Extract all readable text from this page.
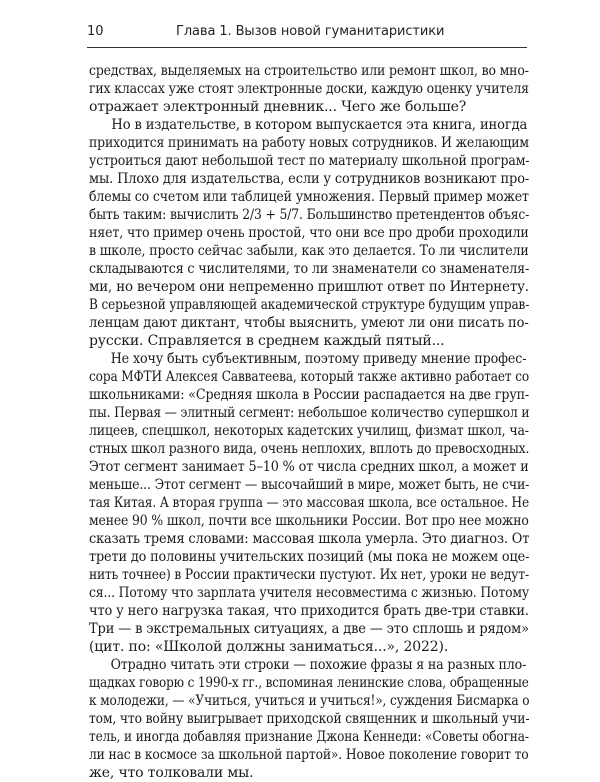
10	Глава 1. Вызов новой гуманитаристики
средствах, выделяемых на строительство или ремонт школ, во мно-
гих классах уже стоят электронные доски, каждую оценку учителя
отражает электронный дневник... Чего же больше?
Но в издательстве, в котором выпускается эта книга, иногда
приходится принимать на работу новых сотрудников. И желающим
устроиться дают небольшой тест по материалу школьной програм-
мы. Плохо для издательства, если у сотрудников возникают про-
блемы со счетом или таблицей умножения. Первый пример может
быть таким: вычислить 2/3 + 5/7. Большинство претендентов объяс-
няет, что пример очень простой, что они все про дроби проходили
в школе, просто сейчас забыли, как это делается. То ли числители
складываются с числителями, то ли знаменатели со знаменателя-
ми, но вечером они непременно пришлют ответ по Интернету.
В серьезной управляющей академической структуре будущим управ-
ленцам дают диктант, чтобы выяснить, умеют ли они писать по-
русски. Справляется в среднем каждый пятый...
Не хочу быть субъективным, поэтому приведу мнение профес-
сора МФТИ Алексея Савватеева, который также активно работает со
школьниками: «Средняя школа в России распадается на две груп-
пы. Первая — элитный сегмент: небольшое количество супершкол и
лицеев, спецшкол, некоторых кадетских училищ, физмат школ, ча-
стных школ разного вида, очень неплохих, вплоть до превосходных.
Этот сегмент занимает 5–10 % от числа средних школ, а может и
меньше... Этот сегмент — высочайший в мире, может быть, не счи-
тая Китая. А вторая группа — это массовая школа, все остальное. Не
менее 90 % школ, почти все школьники России. Вот про нее можно
сказать тремя словами: массовая школа умерла. Это диагноз. От
трети до половины учительских позиций (мы пока не можем оце-
нить точнее) в России практически пустуют. Их нет, уроки не ведут-
ся... Потому что зарплата учителя несовместима с жизнью. Потому
что у него нагрузка такая, что приходится брать две-три ставки.
Три — в экстремальных ситуациях, а две — это сплошь и рядом»
(цит. по: «Школой должны заниматься...», 2022).
Отрадно читать эти строки — похожие фразы я на разных пло-
щадках говорю с 1990-х гг., вспоминая ленинские слова, обращенные
к молодежи, — «Учиться, учиться и учиться!», суждения Бисмарка о
том, что войну выигрывает приходской священник и школьный учи-
тель, и иногда добавляя признание Джона Кеннеди: «Советы обогна-
ли нас в космосе за школьной партой». Новое поколение говорит то
же, что толковали мы.
